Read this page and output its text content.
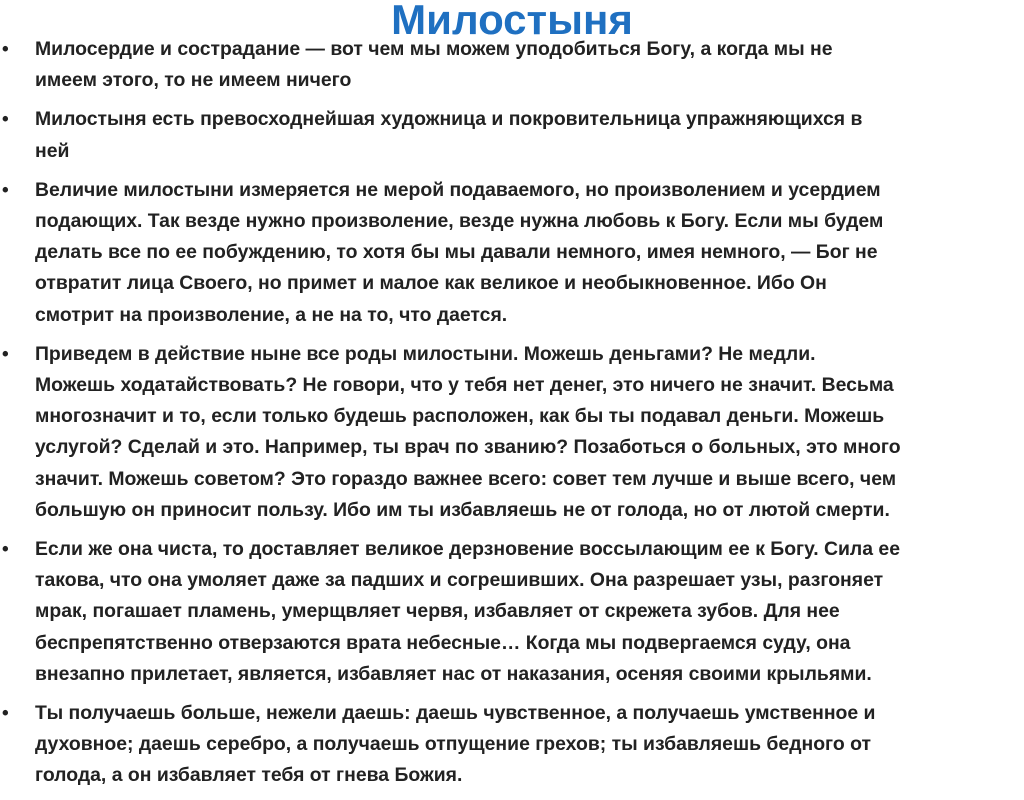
Милостыня
• Милосердие и сострадание — вот чем мы можем уподобиться Богу, а когда мы не
имеем этого, то не имеем ничего
• Милостыня есть превосходнейшая художница и покровительница упражняющихся в
ней
• Величие милостыни измеряется не мерой подаваемого, но произволением и усердием
подающих. Так везде нужно произволение, везде нужна любовь к Богу. Если мы будем
делать все по ее побуждению, то хотя бы мы давали немного, имея немного, — Бог не
отвратит лица Своего, но примет и малое как великое и необыкновенное. Ибо Он
смотрит на произволение, а не на то, что дается.
• Приведем в действие ныне все роды милостыни. Можешь деньгами? Не медли.
Можешь ходатайствовать? Не говори, что у тебя нет денег, это ничего не значит. Весьма
многозначит и то, если только будешь расположен, как бы ты подавал деньги. Можешь
услугой? Сделай и это. Например, ты врач по званию? Позаботься о больных, это много
значит. Можешь советом? Это гораздо важнее всего: совет тем лучше и выше всего, чем
большую он приносит пользу. Ибо им ты избавляешь не от голода, но от лютой смерти.
• Если же она чиста, то доставляет великое дерзновение воссылающим ее к Богу. Сила ее
такова, что она умоляет даже за падших и согрешивших. Она разрешает узы, разгоняет
мрак, погашает пламень, умерщвляет червя, избавляет от скрежета зубов. Для нее
беспрепятственно отверзаются врата небесные… Когда мы подвергаемся суду, она
внезапно прилетает, является, избавляет нас от наказания, осеняя своими крыльями.
• Ты получаешь больше, нежели даешь: даешь чувственное, а получаешь умственное и
духовное; даешь серебро, а получаешь отпущение грехов; ты избавляешь бедного от
голода, а он избавляет тебя от гнева Божия.
